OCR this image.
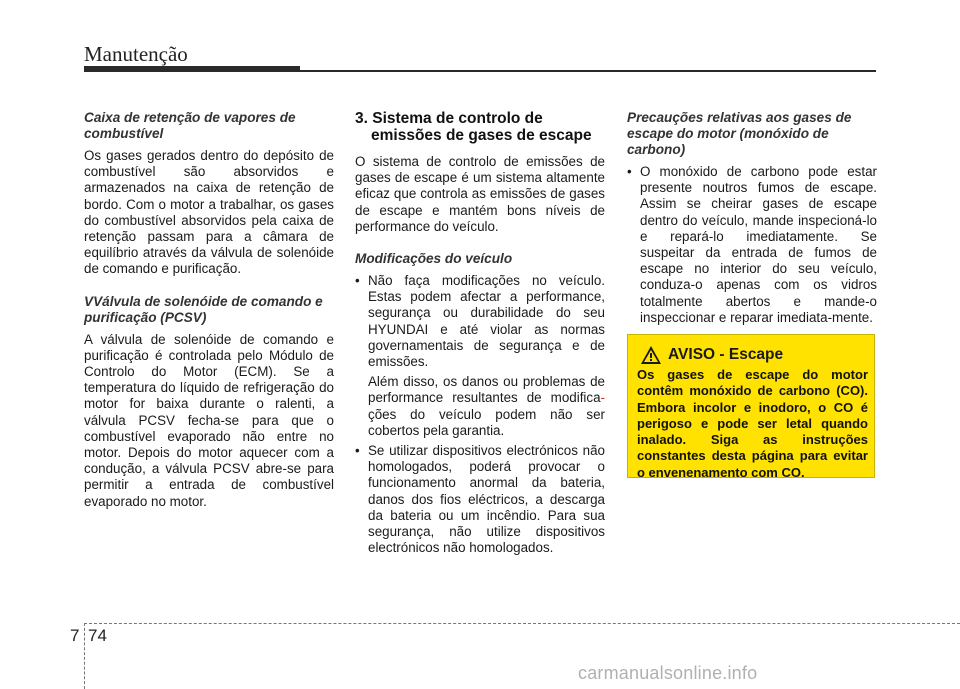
Manutenção

Caixa de retenção de vapores de combustível

Os gases gerados dentro do depósito de combustível são absorvidos e armazenados na caixa de retenção de bordo. Com o motor a trabalhar, os gases do combustível absorvidos pela caixa de retenção passam para a câmara de equilíbrio através da válvula de solenóide de comando e purificação.

VVálvula de solenóide de comando e purificação (PCSV)

A válvula de solenóide de comando e purificação é controlada pelo Módulo de Controlo do Motor (ECM). Se a temperatura do líquido de refrigeração do motor for baixa durante o ralenti, a válvula PCSV fecha-se para que o combustível evaporado não entre no motor. Depois do motor aquecer com a condução, a válvula PCSV abre-se para permitir a entrada de combustível evaporado no motor.

3. Sistema de controlo de
emissões de gases de escape

O sistema de controlo de emissões de gases de escape é um sistema altamente eficaz que controla as emissões de gases de escape e mantém bons níveis de performance do veículo.

Modificações do veículo

• Não faça modificações no veículo. Estas podem afectar a performance, segurança ou durabilidade do seu HYUNDAI e até violar as normas governamentais de segurança e de emissões.

Além disso, os danos ou problemas de performance resultantes de modifica- ções do veículo podem não ser cobertos pela garantia.

• Se utilizar dispositivos electrónicos não homologados, poderá provocar o funcionamento anormal da bateria, danos dos fios eléctricos, a descarga da bateria ou um incêndio. Para sua segurança, não utilize dispositivos electrónicos não homologados.

Precauções relativas aos gases de escape do motor (monóxido de carbono)

• O monóxido de carbono pode estar presente noutros fumos de escape. Assim se cheirar gases de escape dentro do veículo, mande inspecioná-lo e repará-lo imediatamente. Se suspeitar da entrada de fumos de escape no interior do seu veículo, conduza-o apenas com os vidros totalmente abertos e mande-o inspeccionar e reparar imediata-mente.
AVISO - Escape
Os gases de escape do motor contêm monóxido de carbono (CO). Embora incolor e inodoro, o CO é perigoso e pode ser letal quando inalado. Siga as instruções constantes desta página para evitar o envenenamento com CO.
7 74
carmanualsonline.info
